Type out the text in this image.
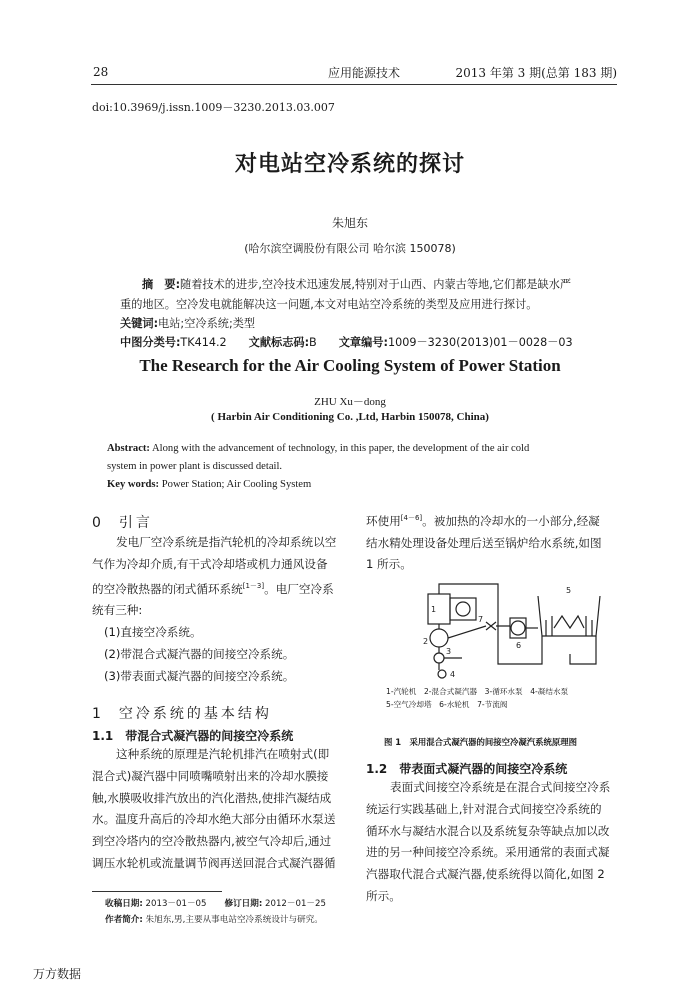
28	应用能源技术	2013 年第 3 期(总第 183 期)
doi:10.3969/j.issn.1009－3230.2013.03.007
对电站空冷系统的探讨
朱旭东
(哈尔滨空调股份有限公司 哈尔滨 150078)
摘　要:随着技术的进步,空冷技术迅速发展,特别对于山西、内蒙古等地,它们都是缺水严
重的地区。空冷发电就能解决这一问题,本文对电站空冷系统的类型及应用进行探讨。
关键词:电站;空冷系统;类型
中图分类号:TK414.2 文献标志码:B 文章编号:1009－3230(2013)01－0028－03
The Research for the Air Cooling System of Power Station
ZHU Xu－dong
( Harbin Air Conditioning Co. ,Ltd, Harbin 150078, China)
Abstract: Along with the advancement of technology, in this paper, the development of the air cold
system in power plant is discussed detail.
Key words: Power Station; Air Cooling System
0 引言
发电厂空冷系统是指汽轮机的冷却系统以空
气作为冷却介质,有干式冷却塔或机力通风设备
的空冷散热器的闭式循环系统[1－3]。电厂空冷系
统有三种:
(1)直接空冷系统。
(2)带混合式凝汽器的间接空冷系统。
(3)带表面式凝汽器的间接空冷系统。
1 空冷系统的基本结构
1.1　 带混合式凝汽器的间接空冷系统
这种系统的原理是汽轮机排汽在喷射式(即
混合式)凝汽器中同喷嘴喷射出来的冷却水膜接
触,水膜吸收排汽放出的汽化潜热,使排汽凝结成
水。温度升高后的冷却水绝大部分由循环水泵送
到空冷塔内的空冷散热器内,被空气冷却后,通过
调压水轮机或流量调节阀再送回混合式凝汽器循
收稿日期: 2013－01－05 修订日期: 2012－01－25
作者简介: 朱旭东,男,主要从事电站空冷系统设计与研究。
环使用[4－6]。被加热的冷却水的一小部分,经凝
结水精处理设备处理后送至锅炉给水系统,如图
1 所示。
1
2
3
4
5
6
7
1-汽轮机　2-混合式凝汽器　3-循环水泵　4-凝结水泵
5-空气冷却塔　6-水轮机　7-节流阀
图 1　采用混合式凝汽器的间接空冷凝汽系统原理图
1.2　 带表面式凝汽器的间接空冷系统
表面式间接空冷系统是在混合式间接空冷系
统运行实践基础上,针对混合式间接空冷系统的
循环水与凝结水混合以及系统复杂等缺点加以改
进的另一种间接空冷系统。采用通常的表面式凝
汽器取代混合式凝汽器,使系统得以简化,如图 2
所示。
万方数据
